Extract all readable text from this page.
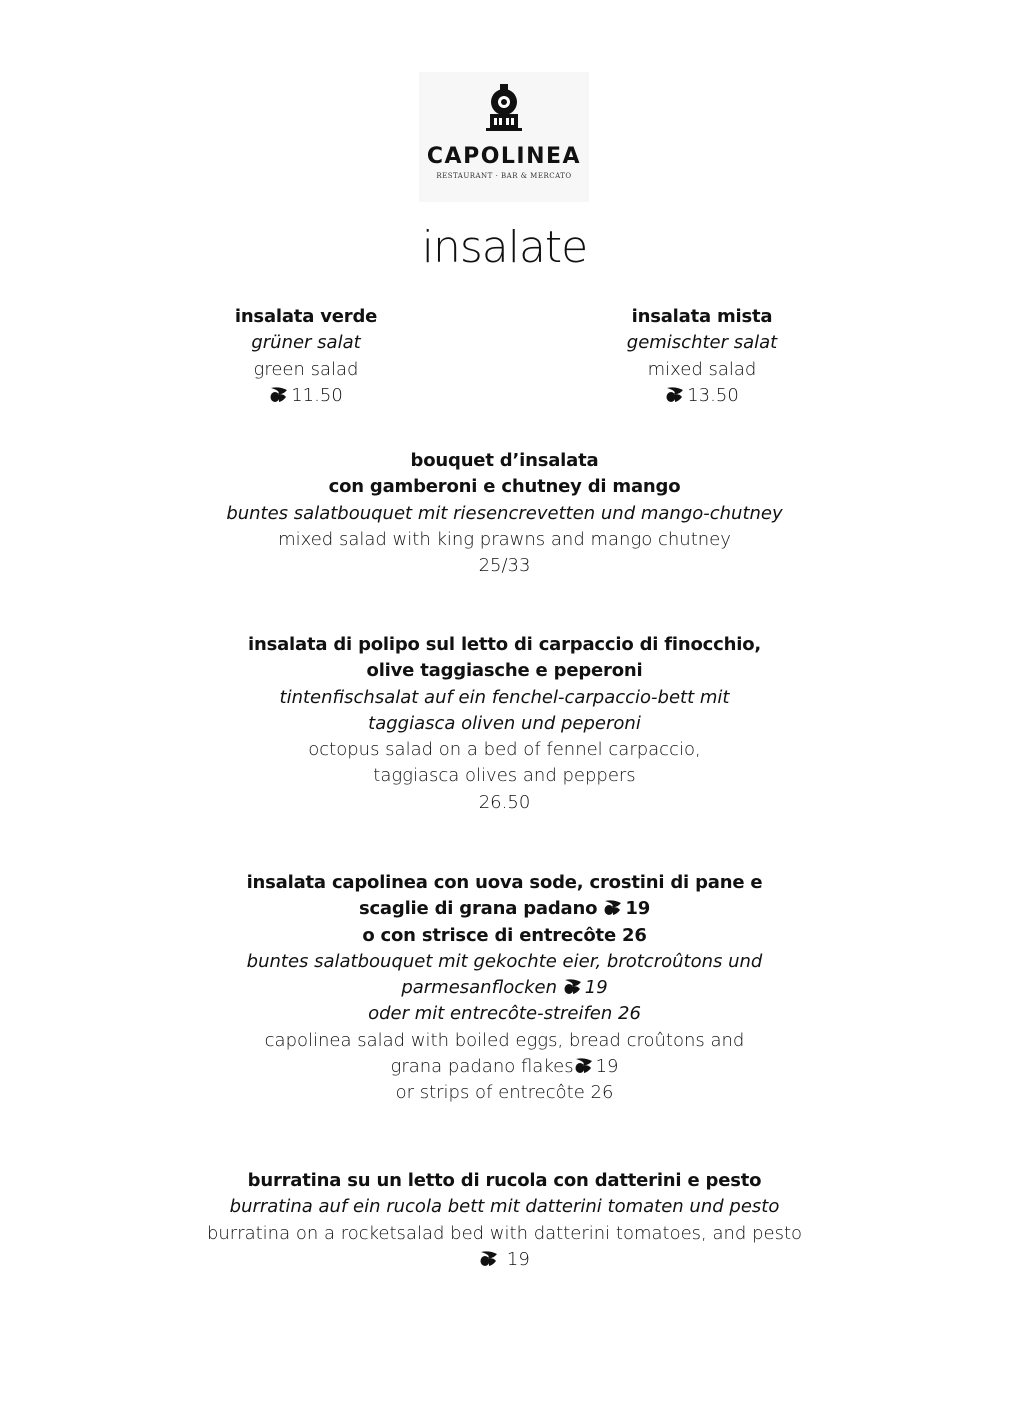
CAPOLINEA
RESTAURANT · BAR & MERCATO
insalate
insalata verde
grüner salat
green salad
11.50
insalata mista
gemischter salat
mixed salad
13.50
bouquet d’insalata
con gamberoni e chutney di mango
buntes salatbouquet mit riesencrevetten und mango-chutney
mixed salad with king prawns and mango chutney
25/33
insalata di polipo sul letto di carpaccio di finocchio,
olive taggiasche e peperoni
tintenfischsalat auf ein fenchel-carpaccio-bett mit
taggiasca oliven und peperoni
octopus salad on a bed of fennel carpaccio,
taggiasca olives and peppers
26.50
insalata capolinea con uova sode, crostini di pane e
scaglie di grana padano 19
o con strisce di entrecôte 26
buntes salatbouquet mit gekochte eier, brotcroûtons und
parmesanflocken 19
oder mit entrecôte-streifen 26
capolinea salad with boiled eggs, bread croûtons and
grana padano flakes 19
or strips of entrecôte 26
burratina su un letto di rucola con datterini e pesto
burratina auf ein rucola bett mit datterini tomaten und pesto
burratina on a rocketsalad bed with datterini tomatoes, and pesto
19
